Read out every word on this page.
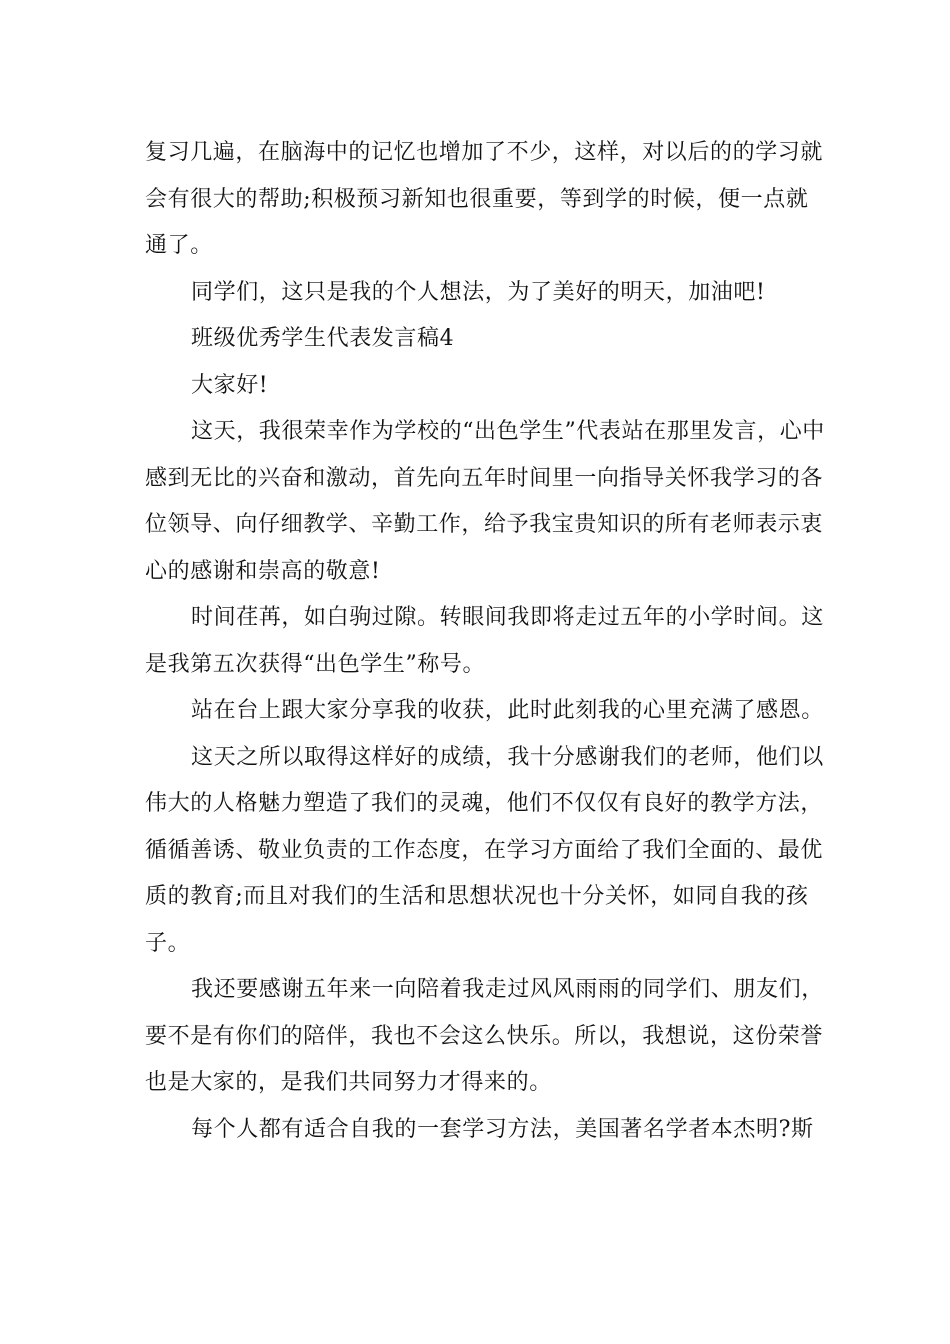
复习几遍，在脑海中的记忆也增加了不少，这样，对以后的的学习就会有很大的帮助;积极预习新知也很重要，等到学的时候，便一点就通了。

同学们，这只是我的个人想法，为了美好的明天，加油吧!

班级优秀学生代表发言稿4

大家好!

这天，我很荣幸作为学校的“出色学生”代表站在那里发言，心中感到无比的兴奋和激动，首先向五年时间里一向指导关怀我学习的各位领导、向仔细教学、辛勤工作，给予我宝贵知识的所有老师表示衷心的感谢和崇高的敬意!

时间荏苒，如白驹过隙。转眼间我即将走过五年的小学时间。这是我第五次获得“出色学生”称号。

站在台上跟大家分享我的收获，此时此刻我的心里充满了感恩。

这天之所以取得这样好的成绩，我十分感谢我们的老师，他们以伟大的人格魅力塑造了我们的灵魂，他们不仅仅有良好的教学方法，循循善诱、敬业负责的工作态度，在学习方面给了我们全面的、最优质的教育;而且对我们的生活和思想状况也十分关怀，如同自我的孩子。

我还要感谢五年来一向陪着我走过风风雨雨的同学们、朋友们，要不是有你们的陪伴，我也不会这么快乐。所以，我想说，这份荣誉也是大家的，是我们共同努力才得来的。

每个人都有适合自我的一套学习方法，美国著名学者本杰明?斯
